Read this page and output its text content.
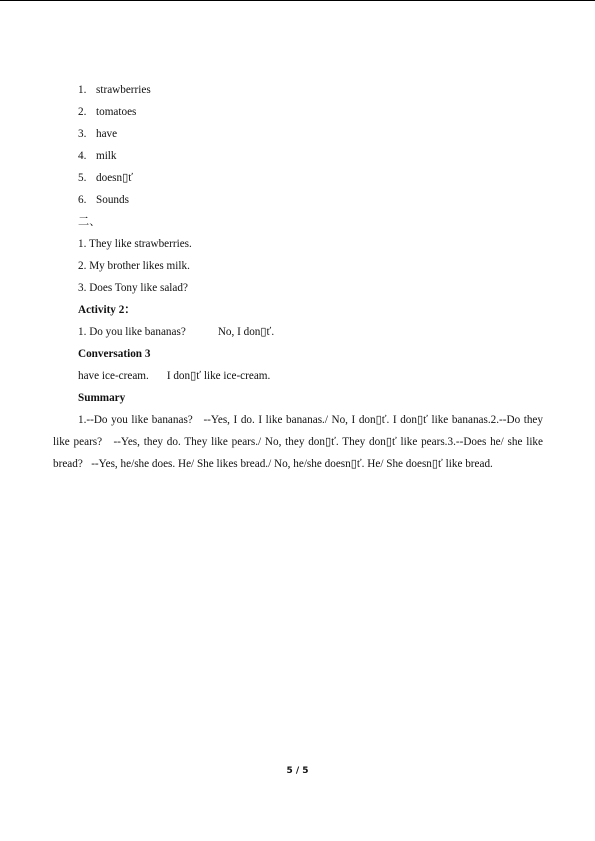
1. strawberries
2. tomatoes
3. have
4. milk
5. doesn▯ť
6. Sounds
二、
1. They like strawberries.
2. My brother likes milk.
3. Does Tony like salad?
Activity 2：
1. Do you like bananas?	No, I don▯ť.
Conversation 3
have ice-cream. I don▯ť like ice-cream.
Summary

1.--Do you like bananas?   --Yes, I do. I like bananas./ No, I don▯ť. I don▯ť like bananas.2.--Do they like pears?   --Yes, they do. They like pears./ No, they don▯ť. They don▯ť like pears.3.--Does he/ she like bread?   --Yes, he/she does. He/ She likes bread./ No, he/she doesn▯ť. He/ She doesn▯ť like bread.

5 / 5
